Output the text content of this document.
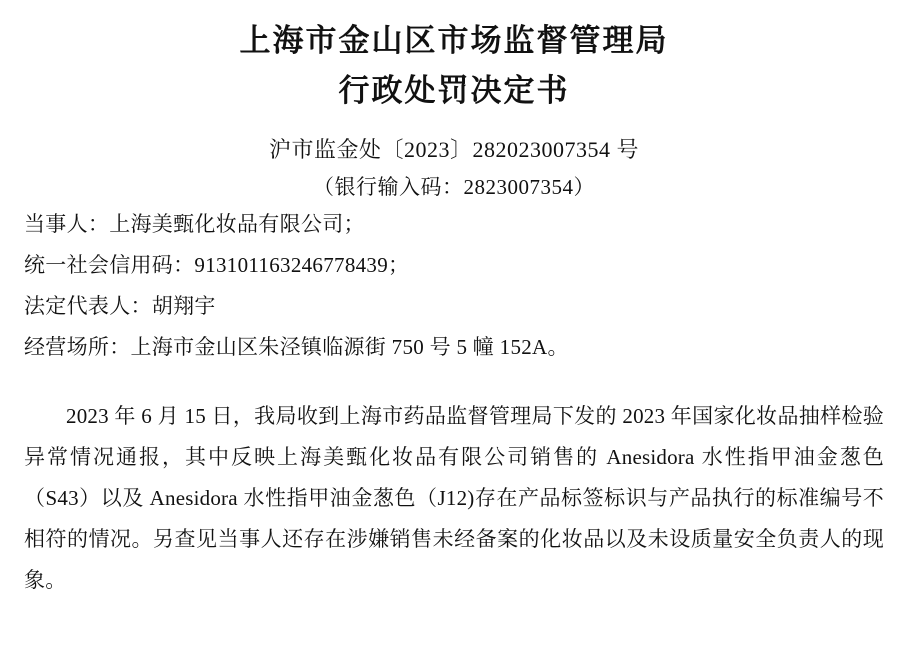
上海市金山区市场监督管理局
行政处罚决定书
沪市监金处〔2023〕282023007354 号
（银行输入码：2823007354）
当事人：上海美甄化妆品有限公司；
统一社会信用码：913101163246778439；
法定代表人：胡翔宇
经营场所：上海市金山区朱泾镇临源街 750 号 5 幢 152A。
2023 年 6 月 15 日，我局收到上海市药品监督管理局下发的 2023 年国家化妆品抽样检验异常情况通报，其中反映上海美甄化妆品有限公司销售的 Anesidora 水性指甲油金葱色（S43）以及 Anesidora 水性指甲油金葱色（J12)存在产品标签标识与产品执行的标准编号不相符的情况。另查见当事人还存在涉嫌销售未经备案的化妆品以及未设质量安全负责人的现象。
